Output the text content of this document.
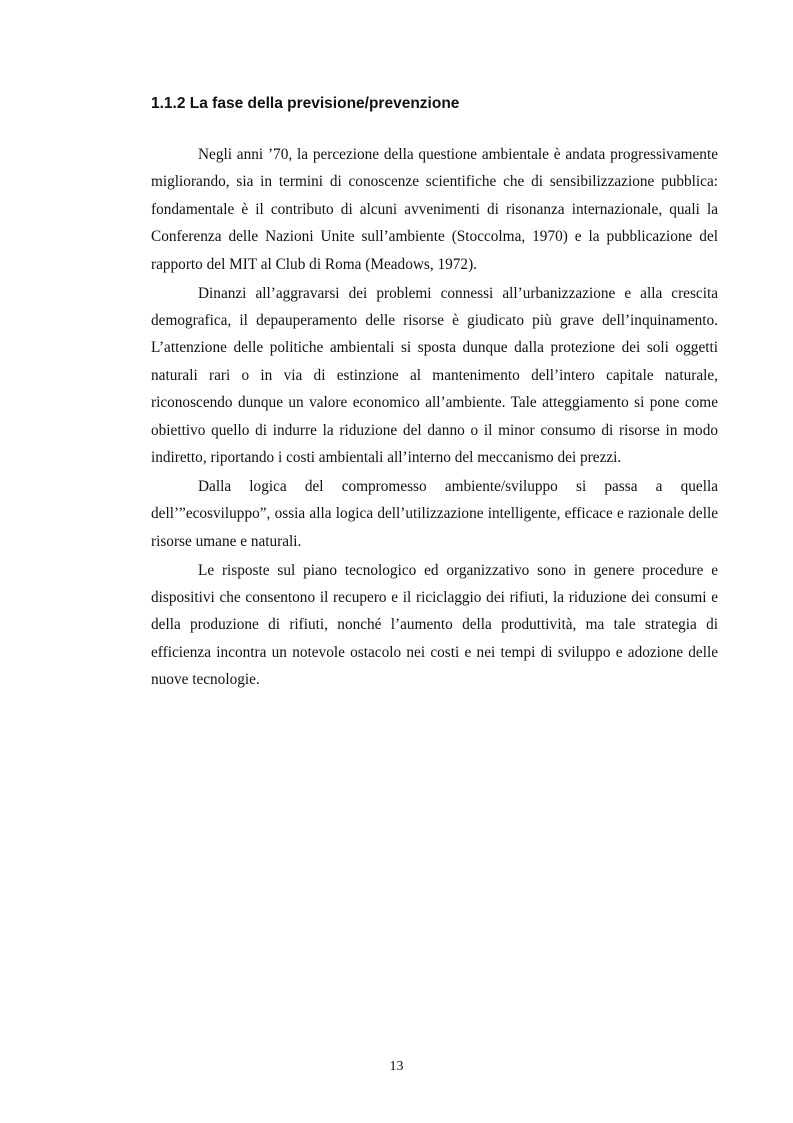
1.1.2 La fase della previsione/prevenzione

Negli anni ’70, la percezione della questione ambientale è andata progressivamente migliorando, sia in termini di conoscenze scientifiche che di sensibilizzazione pubblica: fondamentale è il contributo di alcuni avvenimenti di risonanza internazionale, quali la Conferenza delle Nazioni Unite sull’ambiente (Stoccolma, 1970) e la pubblicazione del rapporto del MIT al Club di Roma (Meadows, 1972).

Dinanzi all’aggravarsi dei problemi connessi all’urbanizzazione e alla crescita demografica, il depauperamento delle risorse è giudicato più grave dell’inquinamento. L’attenzione delle politiche ambientali si sposta dunque dalla protezione dei soli oggetti naturali rari o in via di estinzione al mantenimento dell’intero capitale naturale, riconoscendo dunque un valore economico all’ambiente. Tale atteggiamento si pone come obiettivo quello di indurre la riduzione del danno o il minor consumo di risorse in modo indiretto, riportando i costi ambientali all’interno del meccanismo dei prezzi.

Dalla logica del compromesso ambiente/sviluppo si passa a quella dell’”ecosviluppo”, ossia alla logica dell’utilizzazione intelligente, efficace e razionale delle risorse umane e naturali.

Le risposte sul piano tecnologico ed organizzativo sono in genere procedure e dispositivi che consentono il recupero e il riciclaggio dei rifiuti, la riduzione dei consumi e della produzione di rifiuti, nonché l’aumento della produttività, ma tale strategia di efficienza incontra un notevole ostacolo nei costi e nei tempi di sviluppo e adozione delle nuove tecnologie.

13
